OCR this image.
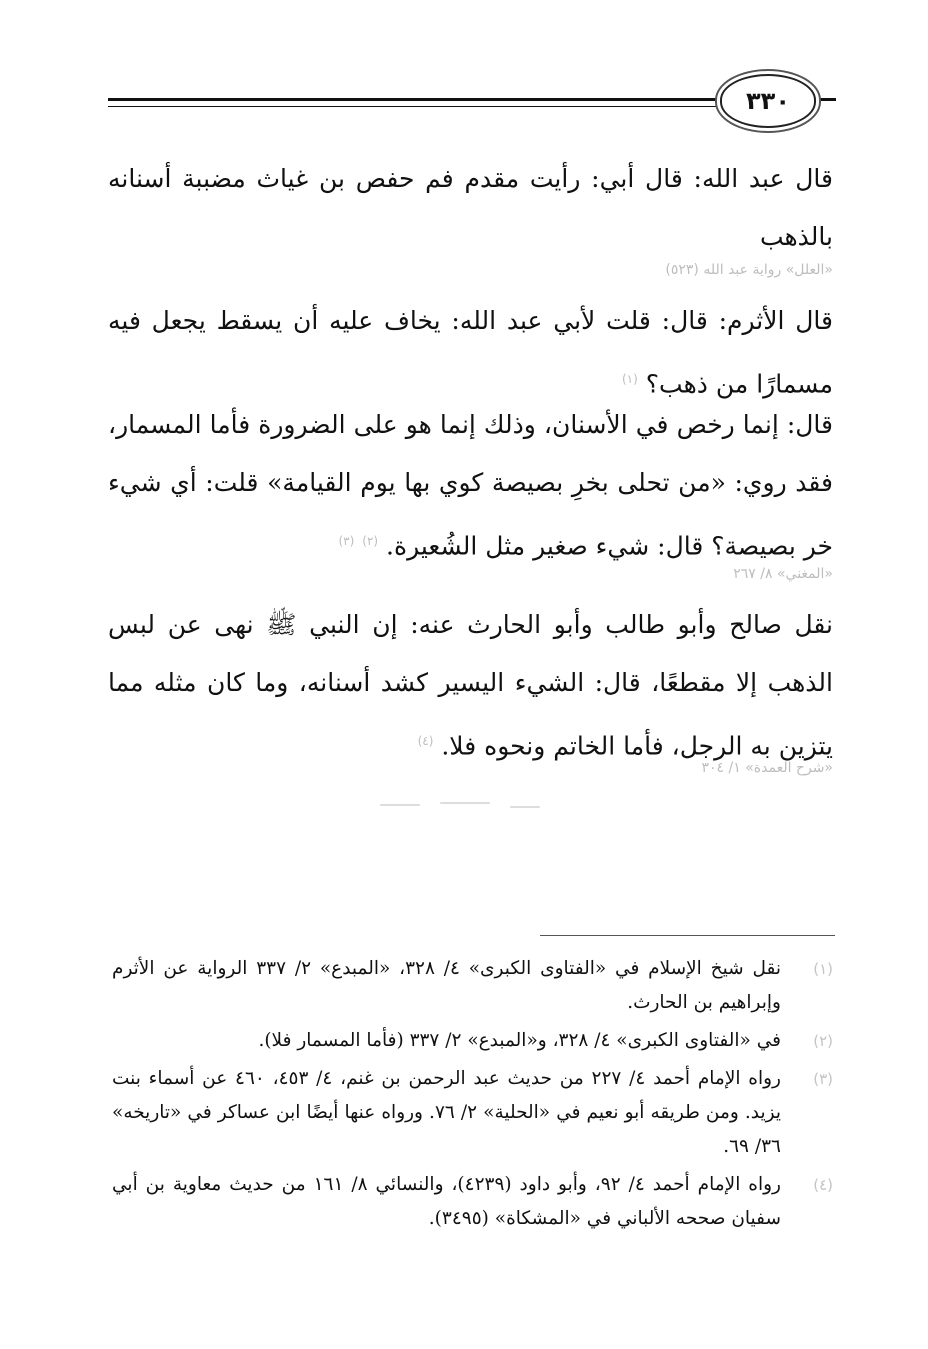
٣٣٠
قال عبد الله: قال أبي: رأيت مقدم فم حفص بن غياث مضببة أسنانه بالذهب
«العلل» رواية عبد الله (٥٢٣)
قال الأثرم: قال: قلت لأبي عبد الله: يخاف عليه أن يسقط يجعل فيه مسمارًا من ذهب؟ $^{(١)}$
قال: إنما رخص في الأسنان، وذلك إنما هو على الضرورة فأما المسمار، فقد روي: «من تحلى بخرِ بصيصة كوي بها يوم القيامة» قلت: أي شيء خر بصيصة؟ قال: شيء صغير مثل الشُعيرة. $^{(٢)}$ $^{(٣)}$
«المغني» ٨/ ٢٦٧
نقل صالح وأبو طالب وأبو الحارث عنه: إن النبي ﷺ نهى عن لبس الذهب إلا مقطعًا، قال: الشيء اليسير كشد أسنانه، وما كان مثله مما يتزين به الرجل، فأما الخاتم ونحوه فلا. $^{(٤)}$
«شرح العمدة» ١/ ٣٠٤
(١)
نقل شيخ الإسلام في «الفتاوى الكبرى» ٤/ ٣٢٨، «المبدع» ٢/ ٣٣٧ الرواية عن الأثرم وإبراهيم بن الحارث.
(٢)
في «الفتاوى الكبرى» ٤/ ٣٢٨، و«المبدع» ٢/ ٣٣٧ (فأما المسمار فلا).
(٣)
رواه الإمام أحمد ٤/ ٢٢٧ من حديث عبد الرحمن بن غنم، ٤/ ٤٥٣، ٤٦٠ عن أسماء بنت يزيد. ومن طريقه أبو نعيم في «الحلية» ٢/ ٧٦. ورواه عنها أيضًا ابن عساكر في «تاريخه» ٣٦/ ٦٩.
(٤)
رواه الإمام أحمد ٤/ ٩٢، وأبو داود (٤٢٣٩)، والنسائي ٨/ ١٦١ من حديث معاوية بن أبي سفيان صححه الألباني في «المشكاة» (٣٤٩٥).
